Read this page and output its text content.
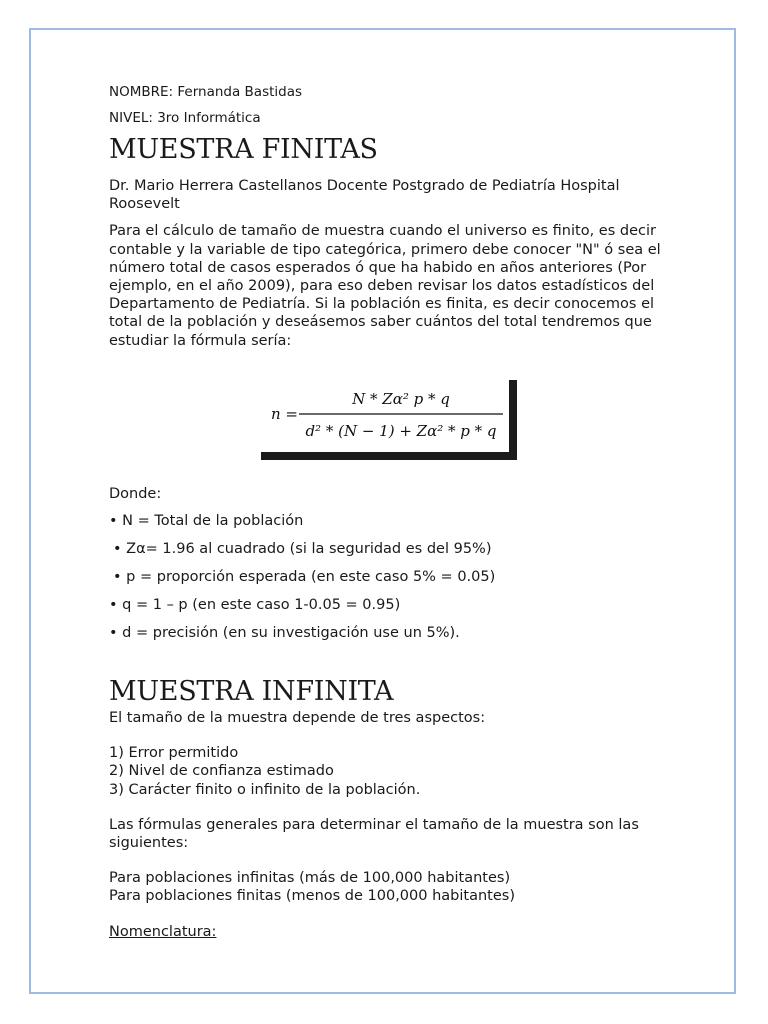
NOMBRE: Fernanda Bastidas
NIVEL: 3ro Informática
MUESTRA FINITAS

Dr. Mario Herrera Castellanos Docente Postgrado de Pediatría Hospital Roosevelt

Para el cálculo de tamaño de muestra cuando el universo es finito, es decir contable y la variable de tipo categórica, primero debe conocer "N" ó sea el número total de casos esperados ó que ha habido en años anteriores (Por ejemplo, en el año 2009), para eso deben revisar los datos estadísticos del Departamento de Pediatría. Si la población es finita, es decir conocemos el total de la población y deseásemos saber cuántos del total tendremos que estudiar la fórmula sería:

n =
N * Zα² p * q
d² * (N − 1) + Zα² * p * q

Donde:

• N = Total de la población
• Zα= 1.96 al cuadrado (si la seguridad es del 95%)
• p = proporción esperada (en este caso 5% = 0.05)
• q = 1 – p (en este caso 1-0.05 = 0.95)
• d = precisión (en su investigación use un 5%).
MUESTRA INFINITA
El tamaño de la muestra depende de tres aspectos:
1) Error permitido
2) Nivel de confianza estimado
3) Carácter finito o infinito de la población.
Las fórmulas generales para determinar el tamaño de la muestra son las siguientes:
Para poblaciones infinitas (más de 100,000 habitantes)
Para poblaciones finitas (menos de 100,000 habitantes)
Nomenclatura:
